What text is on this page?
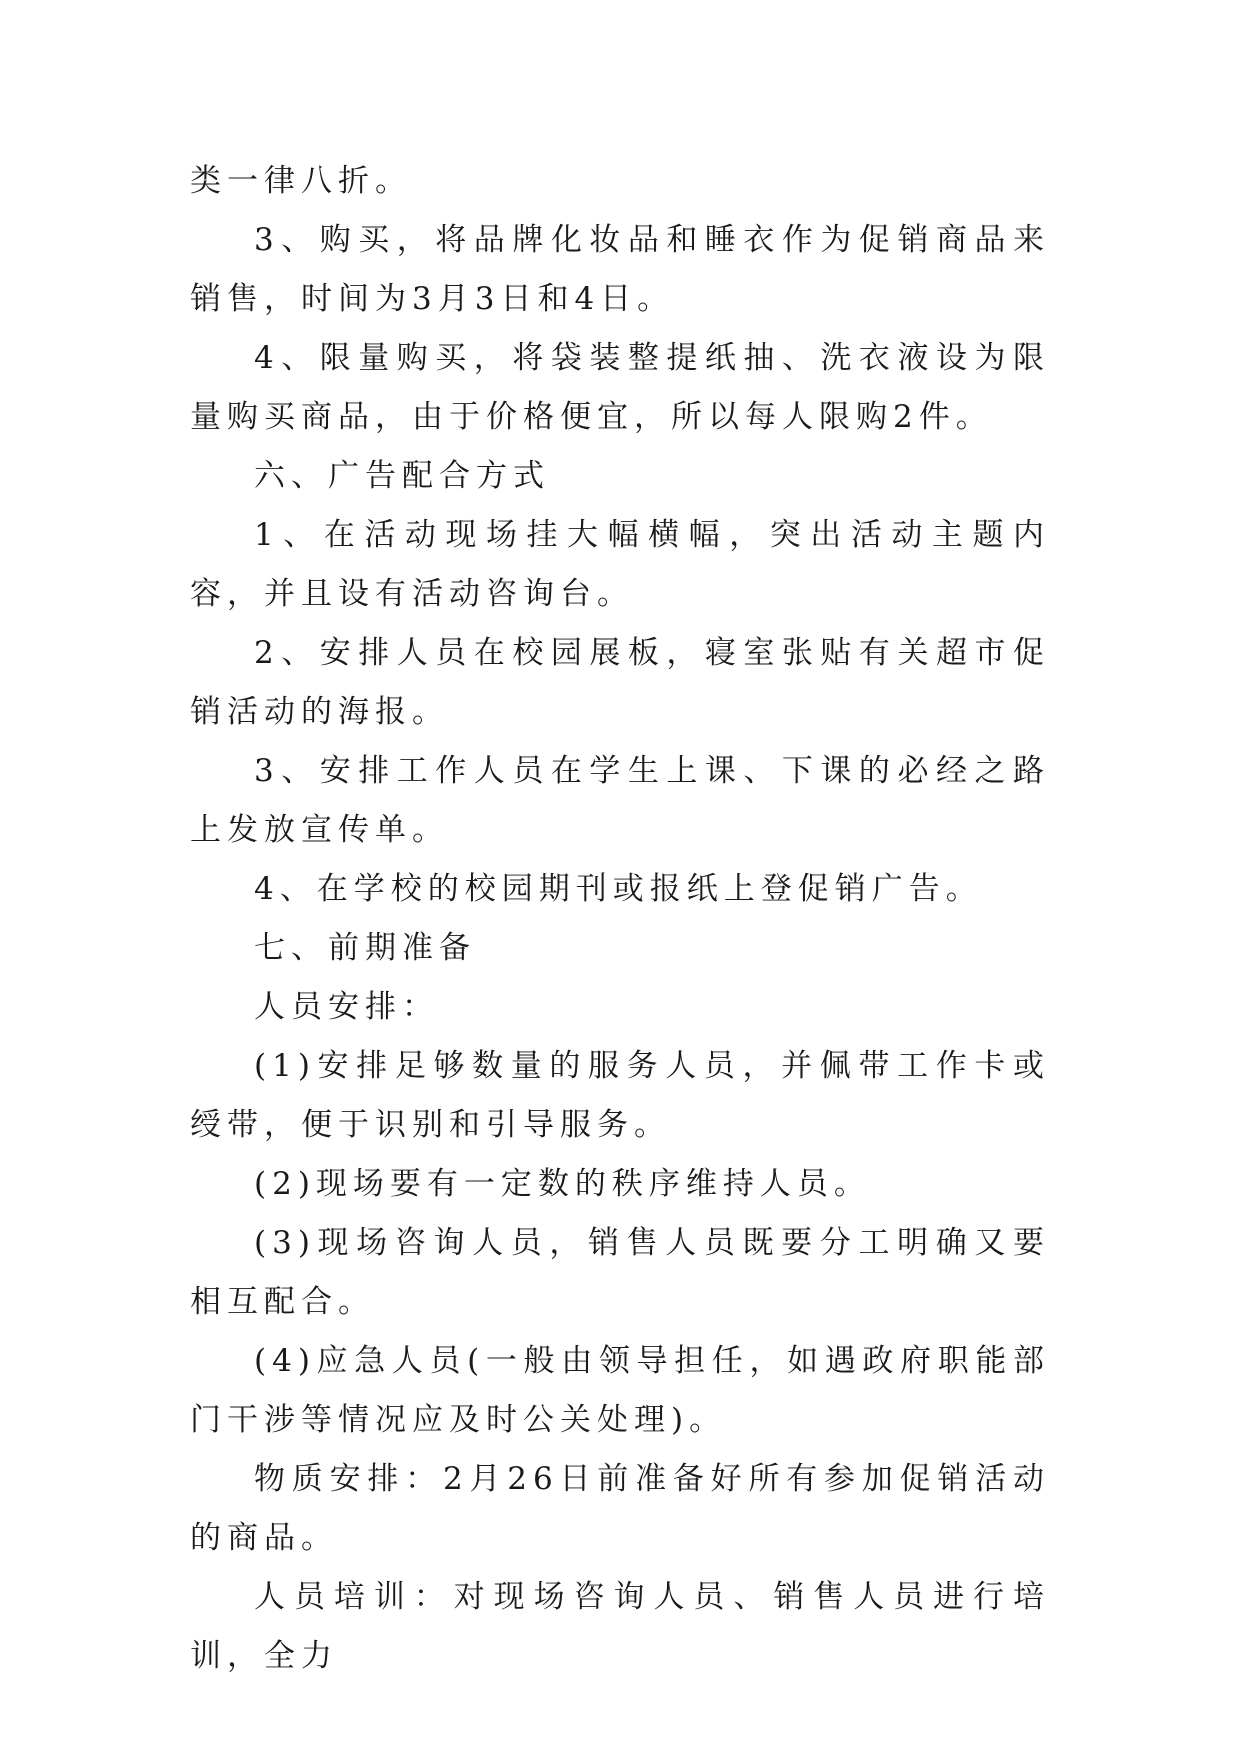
类一律八折。

3、购买，将品牌化妆品和睡衣作为促销商品来销售，时间为3月3日和4日。

4、限量购买，将袋装整提纸抽、洗衣液设为限量购买商品，由于价格便宜，所以每人限购2件。

六、广告配合方式

1、在活动现场挂大幅横幅，突出活动主题内容，并且设有活动咨询台。

2、安排人员在校园展板，寝室张贴有关超市促销活动的海报。

3、安排工作人员在学生上课、下课的必经之路上发放宣传单。

4、在学校的校园期刊或报纸上登促销广告。

七、前期准备

人员安排：

(1)安排足够数量的服务人员，并佩带工作卡或绶带，便于识别和引导服务。

(2)现场要有一定数的秩序维持人员。

(3)现场咨询人员，销售人员既要分工明确又要相互配合。

(4)应急人员(一般由领导担任，如遇政府职能部门干涉等情况应及时公关处理)。

物质安排：2月26日前准备好所有参加促销活动的商品。

人员培训：对现场咨询人员、销售人员进行培训，全力
